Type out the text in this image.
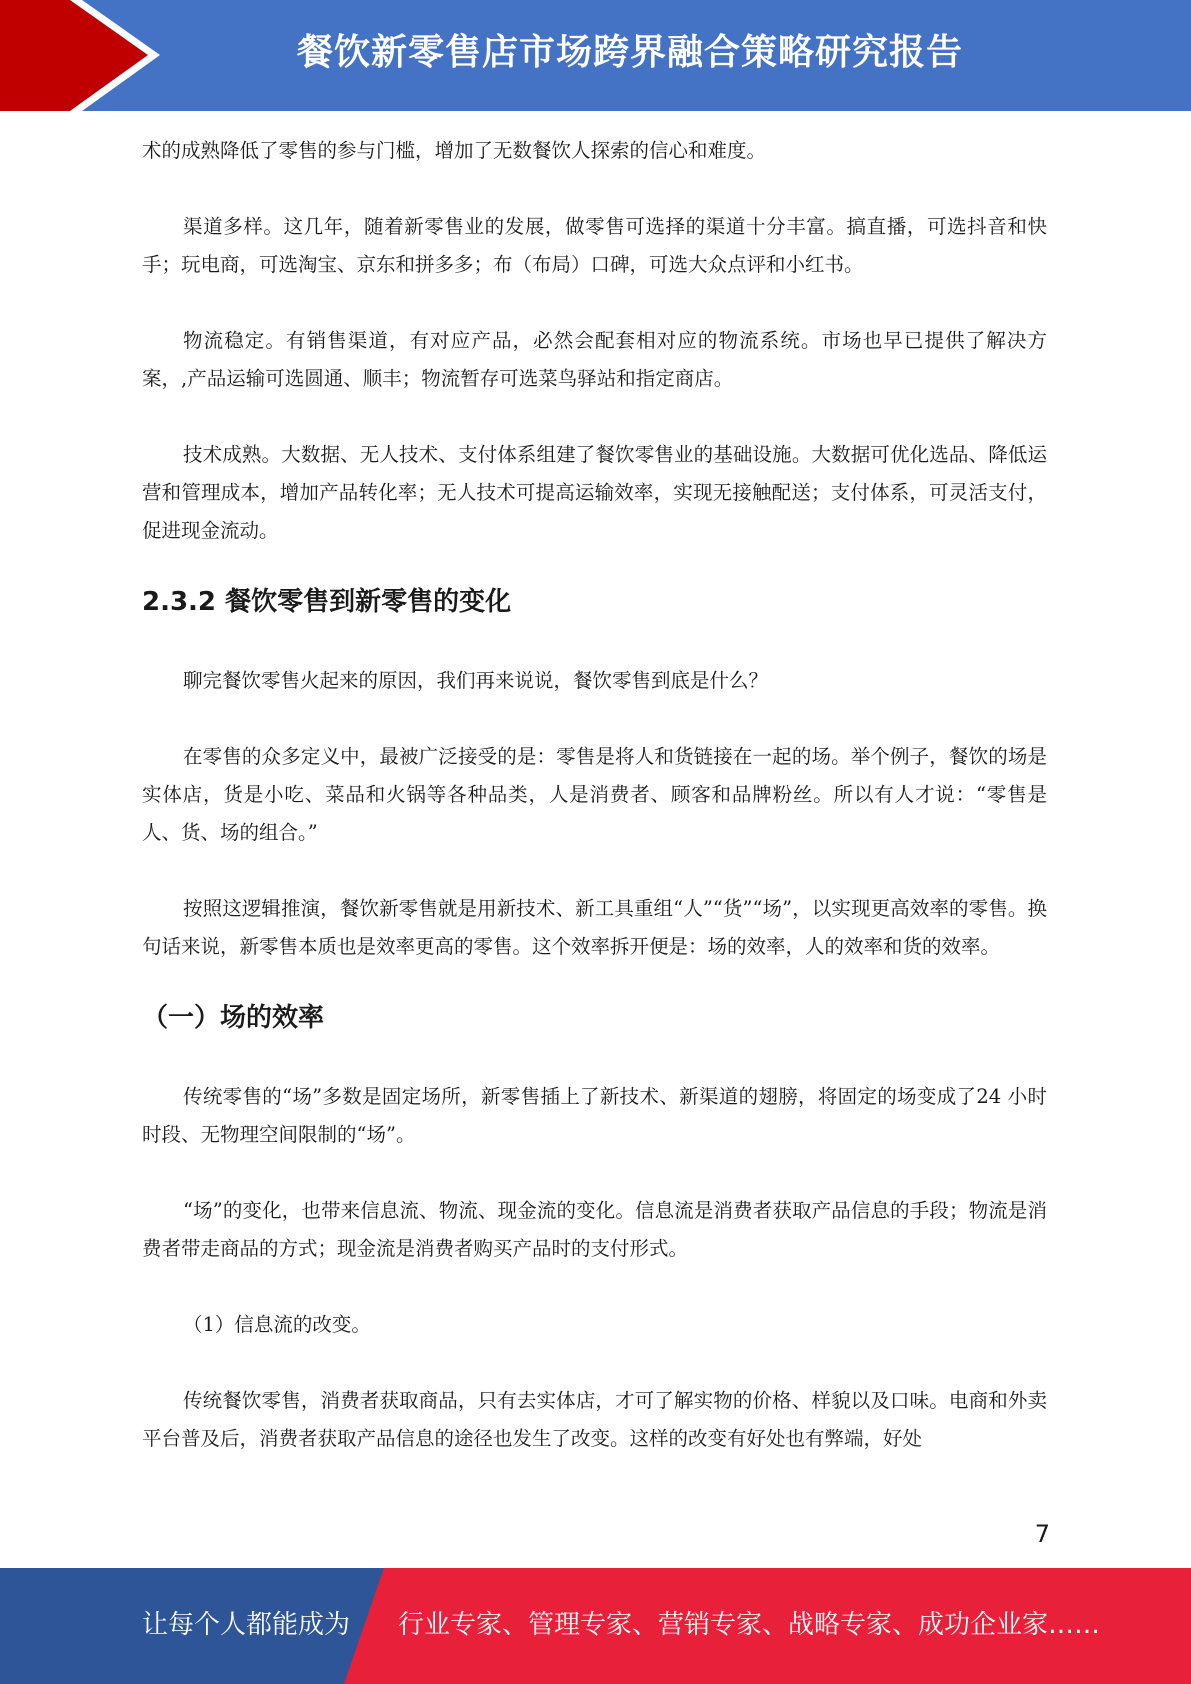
餐饮新零售店市场跨界融合策略研究报告

术的成熟降低了零售的参与门槛，增加了无数餐饮人探索的信心和难度。

渠道多样。这几年，随着新零售业的发展，做零售可选择的渠道十分丰富。搞直播，可选抖音和快手；玩电商，可选淘宝、京东和拼多多；布（布局）口碑，可选大众点评和小红书。

物流稳定。有销售渠道，有对应产品，必然会配套相对应的物流系统。市场也早已提供了解决方案，,产品运输可选圆通、顺丰；物流暂存可选菜鸟驿站和指定商店。

技术成熟。大数据、无人技术、支付体系组建了餐饮零售业的基础设施。大数据可优化选品、降低运营和管理成本，增加产品转化率；无人技术可提高运输效率，实现无接触配送；支付体系，可灵活支付，促进现金流动。

2.3.2 餐饮零售到新零售的变化

聊完餐饮零售火起来的原因，我们再来说说，餐饮零售到底是什么？

在零售的众多定义中，最被广泛接受的是：零售是将人和货链接在一起的场。举个例子，餐饮的场是实体店，货是小吃、菜品和火锅等各种品类，人是消费者、顾客和品牌粉丝。所以有人才说：“零售是人、货、场的组合。”

按照这逻辑推演，餐饮新零售就是用新技术、新工具重组“人”“货”“场”，以实现更高效率的零售。换句话来说，新零售本质也是效率更高的零售。这个效率拆开便是：场的效率，人的效率和货的效率。

（一）场的效率

传统零售的“场”多数是固定场所，新零售插上了新技术、新渠道的翅膀，将固定的场变成了24 小时时段、无物理空间限制的“场”。

“场”的变化，也带来信息流、物流、现金流的变化。信息流是消费者获取产品信息的手段；物流是消费者带走商品的方式；现金流是消费者购买产品时的支付形式。

（1）信息流的改变。

传统餐饮零售，消费者获取商品，只有去实体店，才可了解实物的价格、样貌以及口味。电商和外卖平台普及后，消费者获取产品信息的途径也发生了改变。这样的改变有好处也有弊端，好处

7
让每个人都能成为 行业专家、管理专家、营销专家、战略专家、成功企业家……
